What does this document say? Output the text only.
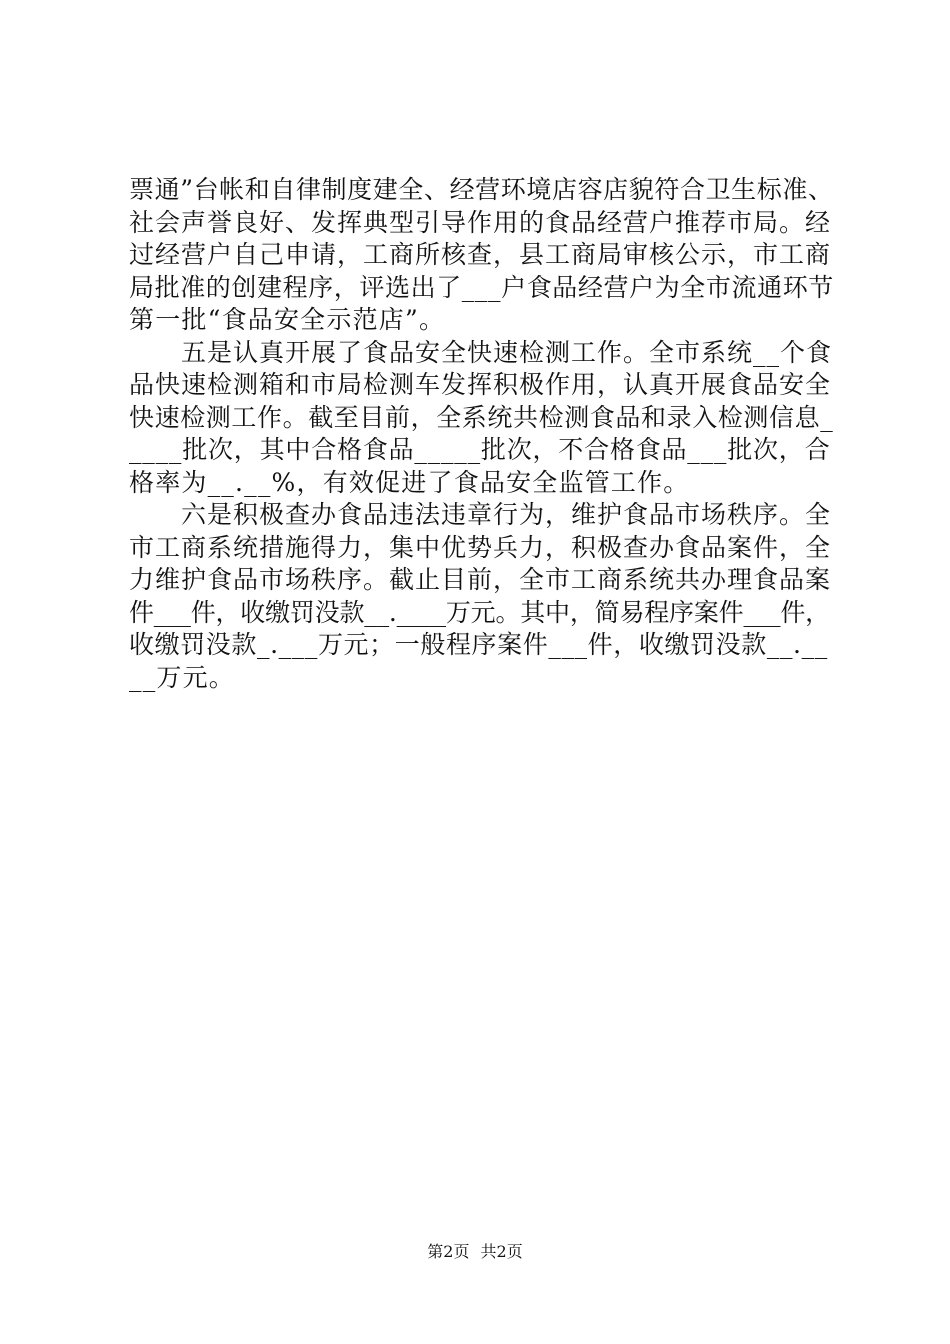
票通”台帐和自律制度建全、经营环境店容店貌符合卫生标准、
社会声誉良好、发挥典型引导作用的食品经营户推荐市局。经
过经营户自己申请，工商所核查，县工商局审核公示，市工商
局批准的创建程序，评选出了___户食品经营户为全市流通环节
第一批“食品安全示范店”。
　　五是认真开展了食品安全快速检测工作。全市系统__个食
品快速检测箱和市局检测车发挥积极作用，认真开展食品安全
快速检测工作。截至目前，全系统共检测食品和录入检测信息_
____批次，其中合格食品_____批次，不合格食品___批次，合
格率为__.__%，有效促进了食品安全监管工作。
　　六是积极查办食品违法违章行为，维护食品市场秩序。全
市工商系统措施得力，集中优势兵力，积极查办食品案件，全
力维护食品市场秩序。截止目前，全市工商系统共办理食品案
件___件，收缴罚没款__.____万元。其中，简易程序案件___件，
收缴罚没款_.___万元；一般程序案件___件，收缴罚没款__.__
__万元。
第2页 共2页
